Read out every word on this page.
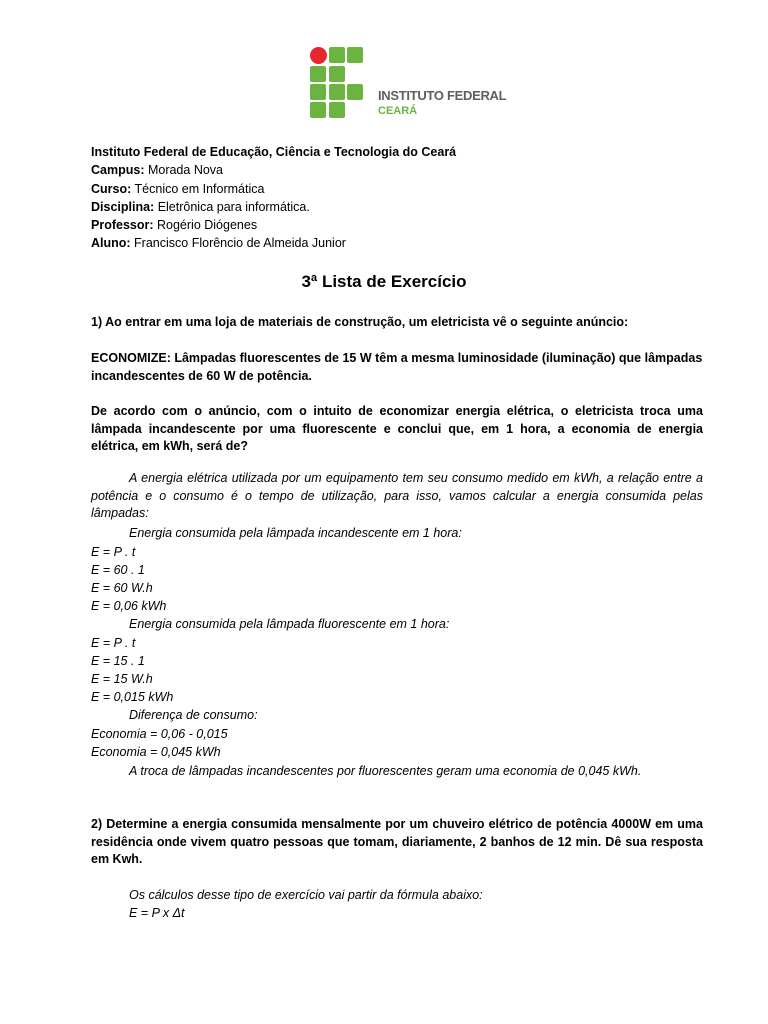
INSTITUTO FEDERAL
CEARÁ
Instituto Federal de Educação, Ciência e Tecnologia do Ceará
Campus: Morada Nova
Curso: Técnico em Informática
Disciplina: Eletrônica para informática.
Professor: Rogério Diógenes
Aluno: Francisco Florêncio de Almeida Junior
3ª Lista de Exercício
1) Ao entrar em uma loja de materiais de construção, um eletricista vê o seguinte anúncio:
ECONOMIZE: Lâmpadas fluorescentes de 15 W têm a mesma luminosidade (iluminação) que lâmpadas incandescentes de 60 W de potência.
De acordo com o anúncio, com o intuito de economizar energia elétrica, o eletricista troca uma lâmpada incandescente por uma fluorescente e conclui que, em 1 hora, a economia de energia elétrica, em kWh, será de?
A energia elétrica utilizada por um equipamento tem seu consumo medido em kWh, a relação entre a potência e o consumo é o tempo de utilização, para isso, vamos calcular a energia consumida pelas lâmpadas:
Energia consumida pela lâmpada incandescente em 1 hora:
E = P . t
E = 60 . 1
E = 60 W.h
E = 0,06 kWh
Energia consumida pela lâmpada fluorescente em 1 hora:
E = P . t
E = 15 . 1
E = 15 W.h
E = 0,015 kWh
Diferença de consumo:
Economia = 0,06 - 0,015
Economia = 0,045 kWh
A troca de lâmpadas incandescentes por fluorescentes geram uma economia de 0,045 kWh.
2) Determine a energia consumida mensalmente por um chuveiro elétrico de potência 4000W em uma residência onde vivem quatro pessoas que tomam, diariamente, 2 banhos de 12 min. Dê sua resposta em Kwh.
Os cálculos desse tipo de exercício vai partir da fórmula abaixo:
E = P x Δt
